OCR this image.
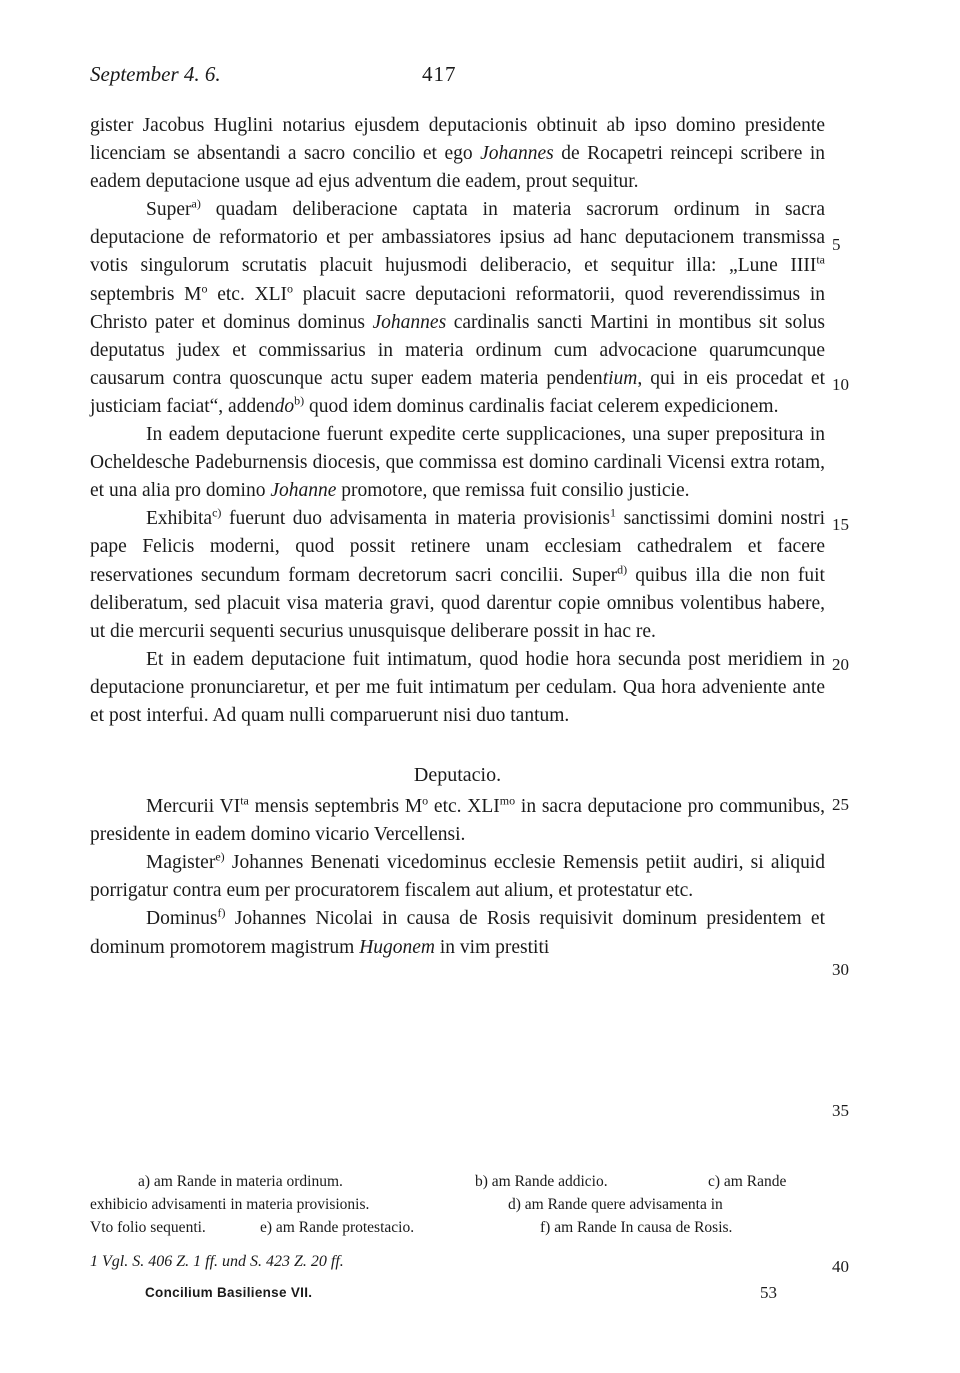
September 4. 6.	417

gister Jacobus Huglini notarius ejusdem deputacionis obtinuit ab ipso domino presidente licenciam se absentandi a sacro concilio et ego Johannes de Rocapetri reincepi scribere in eadem deputacione usque ad ejus adventum die eadem, prout sequitur.

Super$^{a)}$ quadam deliberacione captata in materia sacrorum ordinum in sacra deputacione de reformatorio et per ambassiatores ipsius ad hanc deputacionem transmissa votis singulorum scrutatis placuit hujusmodi deliberacio, et sequitur illa: „Lune $IIII^{ta}$ septembris $M^o$ etc. XLI$^o$ placuit sacre deputacioni reformatorii, quod reverendissimus in Christo pater et dominus dominus Johannes cardinalis sancti Martini in montibus sit solus deputatus judex et commissarius in materia ordinum cum advocacione quarumcunque causarum contra quoscunque actu super eadem materia pendentium, qui in eis procedat et justiciam faciat“, addendo$^{b)}$ quod idem dominus cardinalis faciat celerem expedicionem.

In eadem deputacione fuerunt expedite certe supplicaciones, una super prepositura in Ocheldesche Padeburnensis diocesis, que commissa est domino cardinali Vicensi extra rotam, et una alia pro domino Johanne promotore, que remissa fuit consilio justicie.

Exhibita$^{c)}$ fuerunt duo advisamenta in materia provisionis$^1$ sanctissimi domini nostri pape Felicis moderni, quod possit retinere unam ecclesiam cathedralem et facere reservationes secundum formam decretorum sacri concilii. Super$^{d)}$ quibus illa die non fuit deliberatum, sed placuit visa materia gravi, quod darentur copie omnibus volentibus habere, ut die mercurii sequenti securius unusquisque deliberare possit in hac re.

Et in eadem deputacione fuit intimatum, quod hodie hora secunda post meridiem in deputacione pronunciaretur, et per me fuit intimatum per cedulam. Qua hora adveniente ante et post interfui. Ad quam nulli comparuerunt nisi duo tantum.

Deputacio.

Mercurii $VI^{ta}$ mensis septembris $M^o$ etc. $XLI^{mo}$ in sacra deputacione pro communibus, presidente in eadem domino vicario Vercellensi.

Magister$^{e)}$ Johannes Benenati vicedominus ecclesie Remensis petiit audiri, si aliquid porrigatur contra eum per procuratorem fiscalem aut alium, et protestatur etc.

Dominus$^{f)}$ Johannes Nicolai in causa de Rosis requisivit dominum presidentem et dominum promotorem magistrum Hugonem in vim prestiti

5
10
15
20
25
30
35
40
a) am Rande in materia ordinum.	b) am Rande addicio.	c) am Rande
exhibicio advisamenti in materia provisionis.	d) am Rande quere advisamenta in
Vto folio sequenti.	e) am Rande protestacio.	f) am Rande In causa de Rosis.
1 Vgl. S. 406 Z. 1 ff. und S. 423 Z. 20 ff.
Concilium Basiliense VII.	53
